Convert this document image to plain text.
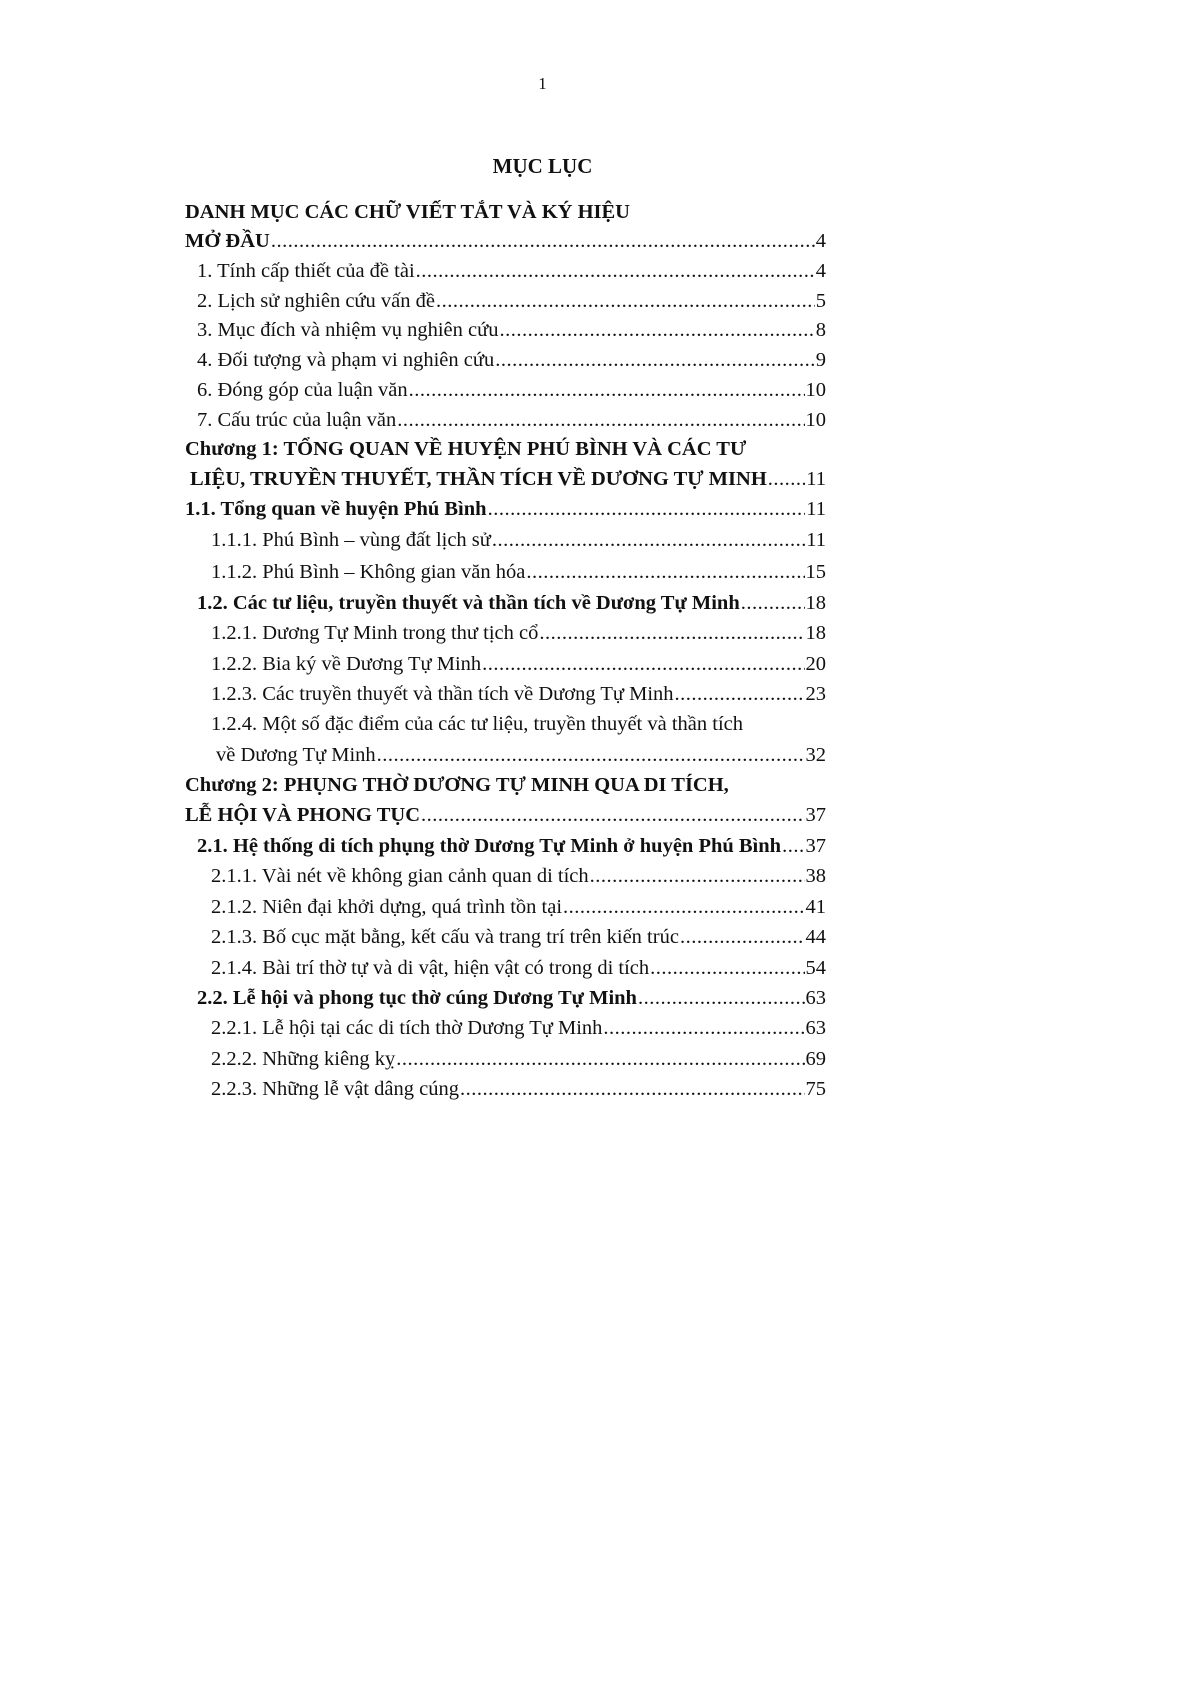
1
MỤC LỤC
DANH MỤC CÁC CHỮ VIẾT TẮT VÀ KÝ HIỆU
MỞ ĐẦU .....	4
1. Tính cấp thiết của đề tài .....	4
2. Lịch sử nghiên cứu vấn đề .....	5
3. Mục đích và nhiệm vụ nghiên cứu .....	8
4. Đối tượng và phạm vi nghiên cứu .....	9
6. Đóng góp của luận văn .....	10
7. Cấu trúc của luận văn .....	10
Chương 1: TỔNG QUAN VỀ HUYỆN PHÚ BÌNH VÀ CÁC TƯ
LIỆU, TRUYỀN THUYẾT, THẦN TÍCH VỀ DƯƠNG TỰ MINH ..... 11
1.1. Tổng quan về huyện Phú Bình .....	11
1.1.1. Phú Bình – vùng đất lịch sử .....	11
1.1.2. Phú Bình – Không gian văn hóa .....	15
1.2. Các tư liệu, truyền thuyết và thần tích về Dương Tự Minh .....	18
1.2.1. Dương Tự Minh trong thư tịch cổ .....	18
1.2.2. Bia ký về Dương Tự Minh .....	20
1.2.3. Các truyền thuyết và thần tích về Dương Tự Minh .....	23
1.2.4. Một số đặc điểm của các tư liệu, truyền thuyết và thần tích
về Dương Tự Minh .....	32
Chương 2: PHỤNG THỜ DƯƠNG TỰ MINH QUA DI TÍCH,
LỄ HỘI VÀ PHONG TỤC .....	37
2.1. Hệ thống di tích phụng thờ Dương Tự Minh ở huyện Phú Bình ..... 37
2.1.1. Vài nét về không gian cảnh quan di tích .....	38
2.1.2. Niên đại khởi dựng, quá trình tồn tại .....	41
2.1.3. Bố cục mặt bằng, kết cấu và trang trí trên kiến trúc .....	44
2.1.4. Bài trí thờ tự và di vật, hiện vật có trong di tích .....	54
2.2. Lễ hội và phong tục thờ cúng Dương Tự Minh .....	63
2.2.1. Lễ hội tại các di tích thờ Dương Tự Minh .....	63
2.2.2. Những kiêng kỵ .....	69
2.2.3. Những lễ vật dâng cúng .....	75
